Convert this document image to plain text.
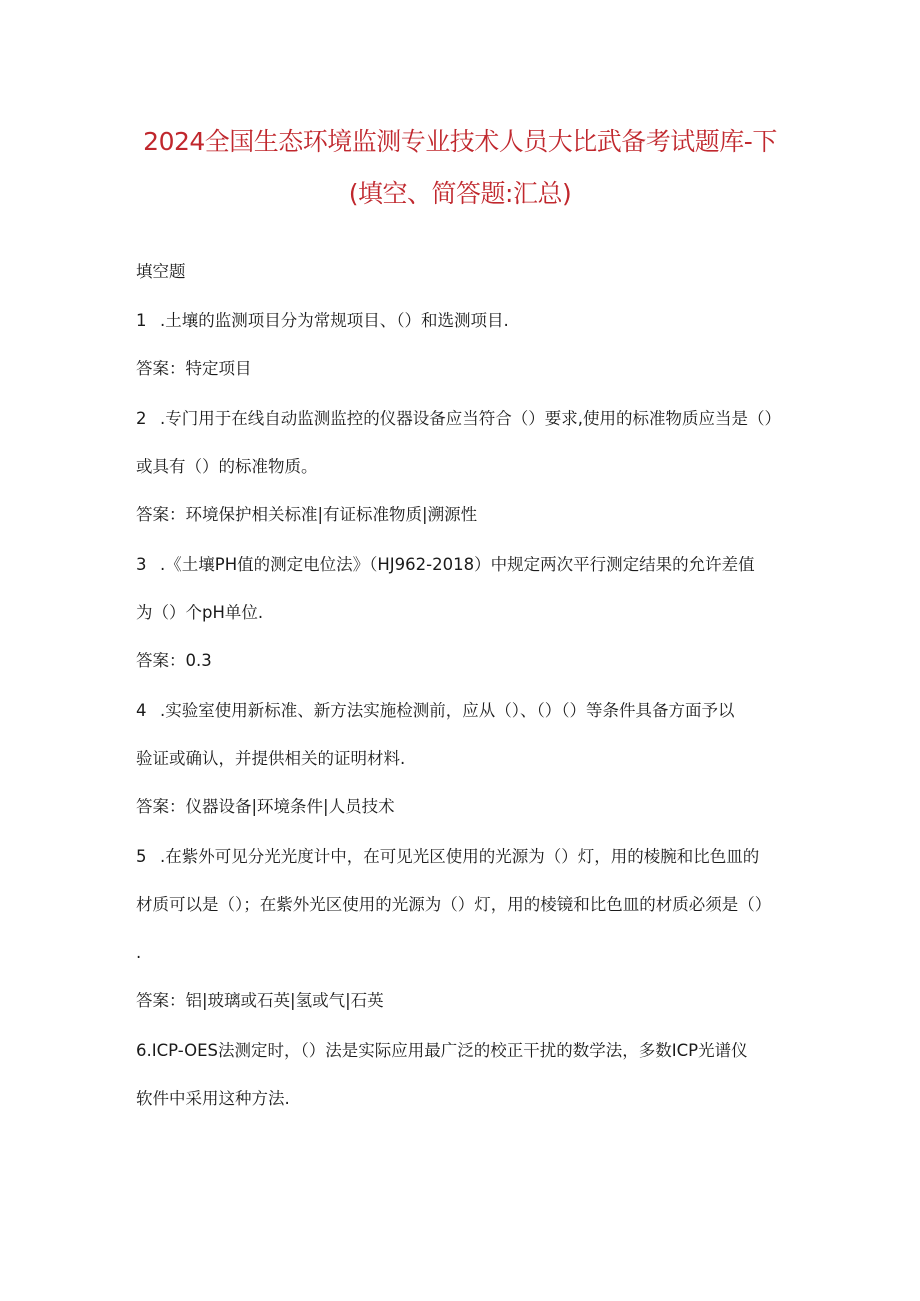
2024全国生态环境监测专业技术人员大比武备考试题库-下
(填空、简答题:汇总)
填空题
1 .土壤的监测项目分为常规项目、（）和选测项目.
答案：特定项目
2 .专门用于在线自动监测监控的仪器设备应当符合（）要求,使用的标准物质应当是（）
或具有（）的标准物质。
答案：环境保护相关标准|有证标准物质|溯源性
3 .《土壤PH值的测定电位法》（HJ962-2018）中规定两次平行测定结果的允许差值
为（）个pH单位.
答案：0.3
4 .实验室使用新标准、新方法实施检测前，应从（）、（）（）等条件具备方面予以
验证或确认，并提供相关的证明材料.
答案：仪器设备|环境条件|人员技术
5 .在紫外可见分光光度计中，在可见光区使用的光源为（）灯，用的棱腕和比色皿的
材质可以是（）；在紫外光区使用的光源为（）灯，用的棱镜和比色皿的材质必须是（）
.
答案：铝|玻璃或石英|氢或气|石英
6.ICP-OES法测定时，（）法是实际应用最广泛的校正干扰的数学法，多数ICP光谱仪
软件中采用这种方法.
